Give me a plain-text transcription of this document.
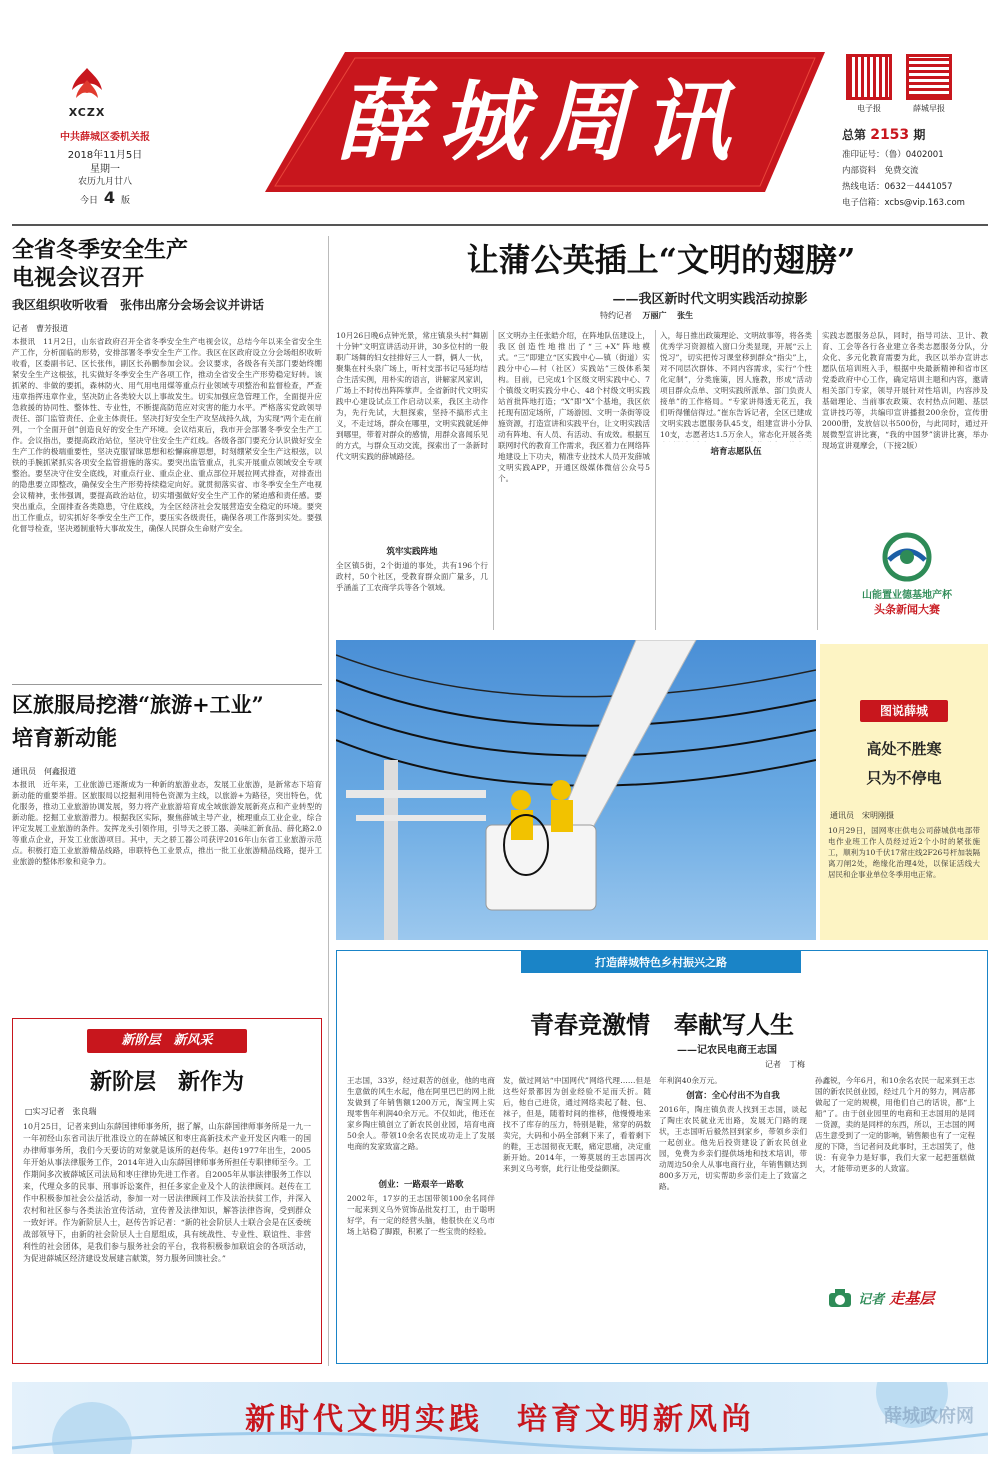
XCZX
中共薛城区委机关报
2018年11月5日
星期一
农历九月廿八
今日 4 版
薛城周讯	电子报	薛城早报
总第 2153 期
准印证号：（鲁）0402001
内部资料　免费交流
热线电话：0632－4441057
电子信箱：xcbs@vip.163.com
全省冬季安全生产
电视会议召开
我区组织收听收看　张伟出席分会场会议并讲话
记者　曹芳报道
本报讯　11月2日，山东省政府召开全省冬季安全生产电视会议，总结今年以来全省安全生产工作，分析面临的形势，安排部署冬季安全生产工作。我区在区政府设立分会场组织收听收看，区委副书记、区长张伟，副区长孙鹏参加会议。会议要求，各级各有关部门要始终绷紧安全生产这根弦，扎实做好冬季安全生产各项工作，推动全省安全生产形势稳定好转。该抓紧的、非做的要抓，森林防火、用气用电用煤等重点行业领域专项整治和监督检查，严查违章指挥违章作业，坚决防止各类较大以上事故发生。切实加强应急管理工作，全面提升应急救援的协同性、整体性、专业性，不断提高防范应对灾害的能力水平。严格落实党政领导责任、部门监管责任、企业主体责任。坚决打好安全生产攻坚战持久战，为实现“两个走在前列，一个全面开创”创造良好的安全生产环境。会议结束后，我市开会部署冬季安全生产工作。会议指出，要提高政治站位，坚决守住安全生产红线。各级各部门要充分认识做好安全生产工作的极端重要性，坚决克服冒昧思想和松懈麻痹思想，时刻绷紧安全生产这根弦，以铁的手腕抓紧抓实各项安全监管措施的落实。要突出监管重点，扎实开展重点领域安全专项整治。要坚决守住安全底线，对重点行业、重点企业、重点部位开展拉网式排查，对排查出的隐患要立即整改，确保安全生产形势持续稳定向好。就贯彻落实省、市冬季安全生产电视会议精神，张伟强调，要提高政治站位，切实增强做好安全生产工作的紧迫感和责任感。要突出重点，全面排查各类隐患，守住底线，为全区经济社会发展营造安全稳定的环境。要突出工作重点，切实抓好冬季安全生产工作，要压实各级责任，确保各项工作落到实处。要强化督导检查，坚决遏制重特大事故发生，确保人民群众生命财产安全。
区旅服局挖潜“旅游+工业”
培育新动能
通讯员　何鑫报道
本报讯　近年来，工业旅游已逐渐成为一种新的旅游业态，发展工业旅游，是新常态下培育新动能的重要举措。区旅服局以挖掘利用特色资源为主线，以旅游+为路径，突出特色，优化服务，推动工业旅游协调发展，努力将产业旅游培育成全域旅游发展新亮点和产业转型的新动能。挖掘工业旅游潜力。根据我区实际，聚焦薛城主导产业，梳理重点工业企业，综合评定发展工业旅游的条件。发挥龙头引领作用，引导天之骄工器、美味汇新食品、薛化路2.0等重点企业，开发工业旅游项目。其中，天之骄工器公司获评2016年山东省工业旅游示范点。积极打造工业旅游精品线路，串联特色工业景点，推出一批工业旅游精品线路，提升工业旅游的整体形象和竞争力。
新阶层　新风采
新阶层　新作为
□实习记者　张良瑞
10月25日，记者来到山东薛国律师事务所，据了解，山东薛国律师事务所是一九一一年初经山东省司法厅批准设立的在薛城区和枣庄高新技术产业开发区内唯一的国办律师事务所，我们今天要访的对象就是该所的赵传华。赵传1977年出生，2005年开始从事法律服务工作，2014年进入山东薛国律师事务所担任专职律师至今。工作期间多次被薛城区司法局和枣庄律协先进工作者。自2005年从事法律服务工作以来，代理众多的民事、刑事诉讼案件，担任多家企业及个人的法律顾问。赵传在工作中积极参加社会公益活动，参加一对一居法律顾问工作及法治扶贫工作，并深入农村和社区参与各类法治宣传活动，宣传普及法律知识，解答法律咨询，受到群众一致好评。作为新阶层人士，赵传告诉记者：“新的社会阶层人士联合会是在区委统战部领导下，由新的社会阶层人士自愿组成，具有统战性、专业性、联谊性、非营利性的社会团体，是我们参与服务社会的平台，我将积极参加联谊会的各项活动，为促进薛城区经济建设发展建言献策，努力服务回馈社会。”
让蒲公英插上“文明的翅膀”
——我区新时代文明实践活动掠影
特约记者 万丽广 张生
10月26日晚6点钟光景，常庄镇泉头村“舞剧十分钟”文明宣讲活动开讲，30多位村的一般职广场舞的妇女挂排好三人一群，俩人一伙，聚集在村头泉广场上，听村支部书记马延均结合生活实例，用朴实的语言，讲解家风家训，广场上不时传出阵阵掌声。全省新时代文明实践中心建设试点工作启动以来，我区主动作为，先行先试，大胆探索，坚持不搞形式主义，不走过场，群众在哪里，文明实践就延伸到哪里，带着对群众的感情，用群众喜闻乐见的方式，与群众互动交流，探索出了一条新时代文明实践的薛城路径。
筑牢实践阵地
全区镇5街，2个街道的事处，共有196个行政村，50个社区，受教育群众面广量多，几乎涵盖了工农商学兵等各个领域。
区文明办主任张皓介绍，在阵地队伍建设上，我区创造性地推出了“三+X”阵地模式。“三”即建立“区实践中心—镇（街道）实践分中心—村（社区）实践站”三级体系架构。目前，已完成1个区级文明实践中心、7个镇级文明实践分中心、48个村级文明实践站首批阵地打造；“X”即“X”个基地，我区依托现有固定场所，广场游园、文明一条街等设施资源，打造宣讲和实践平台，让文明实践活动有阵地、有人员、有活动、有成效。根据互联网时代的教育工作需求，我区着力在网络阵地建设上下功夫，精准专业技术人员开发薛城文明实践APP，开通区级媒体微信公众号5个。
入，每日推出政策理论、文明故事等，将各类优秀学习资源植入窗口分类显现，开展“云上悦习”，切实把传习课堂移到群众“指尖”上，对不同层次群体、不同内容需求，实行“个性化定制”，分类施策，因人施教，形成“活动项目群众点单、文明实践所派单、部门负责人接单”的工作格局。“专家讲得透无花五，我们听得懂信得过。”崔东告诉记者，全区已建成文明实践志愿服务队45支，组建宣讲小分队10支，志愿者达1.5万余人，常态化开展各类
培育志愿队伍
实践志愿服务总队，同时，指导司法、卫计、教育、工会等各行各业建立各类志愿服务分队，分众化、多元化教育需要为此，我区以举办宣讲志愿队伍培训班入手，根据中央最新精神和省市区党委政府中心工作，确定培训主题和内容，邀请相关部门专家，领导开展针对性培训，内容涉及基础理论、当前事农政策、农村热点问题、基层宣讲技巧等，共编印宣讲播报200余份，宣传册2000册，发放信以书500份，与此同时，通过开展微型宣讲比赛，“我的中国梦”演讲比赛，举办现场宣讲观摩会，（下接2版）
山能置业德基地产杯
头条新闻大赛
图说薛城
高处不胜寒
只为不停电
通讯员　宋明刚摄
10月29日，国网枣庄供电公司薛城供电部带电作业班工作人员经过近2个小时的紧张施工，顺利为10千伏17常庄线2F26号杆加装隔离刀闸2处，绝缘化治理4处，以保证活线大居民和企事业单位冬季用电正常。
打造薛城特色乡村振兴之路
青春竞激情　奉献写人生
——记农民电商王志国
记者　丁梅
王志国，33岁，经过艰苦的创业，他的电商生意做的风生水起，他在阿里巴巴的网上批发做到了年销售额1200万元，淘宝网上实现零售年利润40余万元。不仅如此，他还在家乡陶庄镇创立了新农民创业园，培育电商50余人。带领10余名农民成功走上了发展电商的发家致富之路。
创业：一路艰辛一路歌
2002年，17岁的王志国带领100余名同伴一起来到义乌外贸饰品批发打工，由于聪明好学，有一定的经营头脑，他很快在义乌市场上站稳了脚跟，积累了一些宝贵的经验。
发，做过网站“中国网代”网络代理……但是这些好景都因为创业经验不足而夭折。随后，他自己进货，通过网络卖起了鞋、包、袜子，但是，随着时间的推移，他慢慢地来找不了库存的压力，特别是鞋，常穿的码数卖完，大码和小码全部剩下来了，看着剩下的鞋，王志国彻夜无眠，痛定思痛，决定重新开始。2014年，一筹莫展的王志国再次来到义乌考察，此行让他受益颇深。
年利润40余万元。
创富：全心付出不为自我
2016年，陶庄镇负责人找到王志国，谈起了陶庄农民就业无出路，发展无门路的现状，王志国听后毅然回到家乡，带领乡亲们一起创业。他先后投资建设了新农民创业园，免费为乡亲们提供场地和技术培训，带动周边50余人从事电商行业，年销售额达到800多万元，切实帮助乡亲们走上了致富之路。
孙鑫锐，今年6月，和10余名农民一起来到王志国的新农民创业园，经过几个月的努力，网店都做起了一定的规模，用他们自己的话说，都“上船”了。由于创业园里的电商和王志国用的是同一货源，卖的是同样的东西，所以，王志国的网店生意受到了一定的影响，销售额也有了一定程度的下降，当记者问及此事时，王志国笑了，他说：有竞争力是好事，我们大家一起把蛋糕做大，才能带动更多的人致富。
记者 走基层
新时代文明实践　培育文明新风尚	薛城政府网
